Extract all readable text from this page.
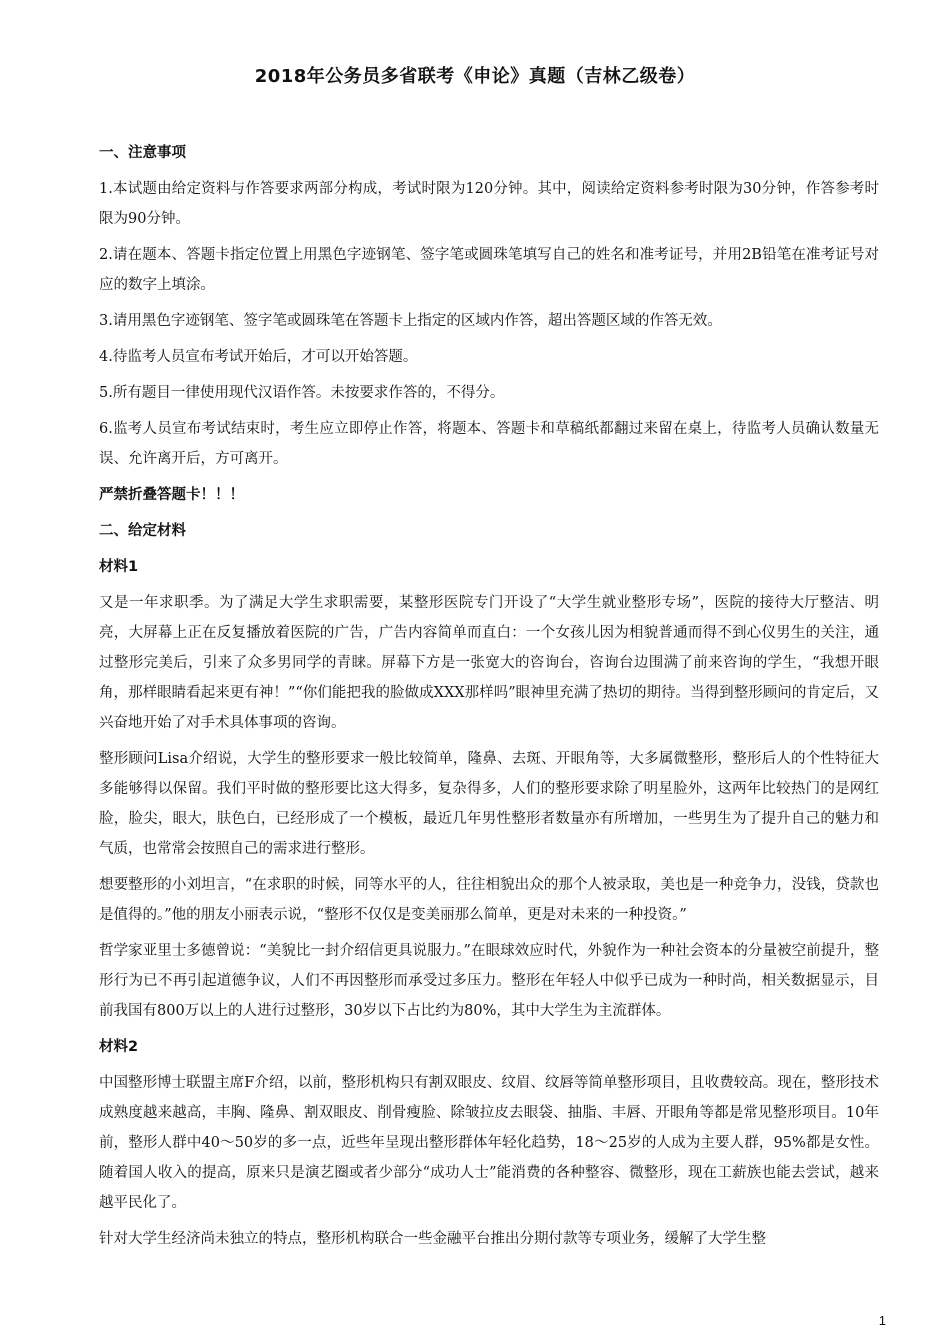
2018年公务员多省联考《申论》真题（吉林乙级卷）
一、注意事项
1.本试题由给定资料与作答要求两部分构成，考试时限为120分钟。其中，阅读给定资料参考时限为30分钟，作答参考时限为90分钟。
2.请在题本、答题卡指定位置上用黑色字迹钢笔、签字笔或圆珠笔填写自己的姓名和准考证号，并用2B铅笔在准考证号对应的数字上填涂。
3.请用黑色字迹钢笔、签字笔或圆珠笔在答题卡上指定的区域内作答，超出答题区域的作答无效。
4.待监考人员宣布考试开始后，才可以开始答题。
5.所有题目一律使用现代汉语作答。未按要求作答的，不得分。
6.监考人员宣布考试结束时，考生应立即停止作答，将题本、答题卡和草稿纸都翻过来留在桌上，待监考人员确认数量无误、允许离开后，方可离开。
严禁折叠答题卡！！！
二、给定材料
材料1
又是一年求职季。为了满足大学生求职需要，某整形医院专门开设了“大学生就业整形专场”，医院的接待大厅整洁、明亮，大屏幕上正在反复播放着医院的广告，广告内容简单而直白：一个女孩儿因为相貌普通而得不到心仪男生的关注，通过整形完美后，引来了众多男同学的青睐。屏幕下方是一张宽大的咨询台，咨询台边围满了前来咨询的学生，“我想开眼角，那样眼睛看起来更有神！”“你们能把我的脸做成XXX那样吗”眼神里充满了热切的期待。当得到整形顾问的肯定后，又兴奋地开始了对手术具体事项的咨询。
整形顾问Lisa介绍说，大学生的整形要求一般比较简单，隆鼻、去斑、开眼角等，大多属微整形，整形后人的个性特征大多能够得以保留。我们平时做的整形要比这大得多，复杂得多，人们的整形要求除了明星脸外，这两年比较热门的是网红脸，脸尖，眼大，肤色白，已经形成了一个模板，最近几年男性整形者数量亦有所增加，一些男生为了提升自己的魅力和气质，也常常会按照自己的需求进行整形。
想要整形的小刘坦言，“在求职的时候，同等水平的人，往往相貌出众的那个人被录取，美也是一种竞争力，没钱，贷款也是值得的。”他的朋友小丽表示说，“整形不仅仅是变美丽那么简单，更是对未来的一种投资。”
哲学家亚里士多德曾说：“美貌比一封介绍信更具说服力。”在眼球效应时代，外貌作为一种社会资本的分量被空前提升，整形行为已不再引起道德争议，人们不再因整形而承受过多压力。整形在年轻人中似乎已成为一种时尚，相关数据显示，目前我国有800万以上的人进行过整形，30岁以下占比约为80%，其中大学生为主流群体。
材料2
中国整形博士联盟主席F介绍，以前，整形机构只有割双眼皮、纹眉、纹唇等简单整形项目，且收费较高。现在，整形技术成熟度越来越高，丰胸、隆鼻、割双眼皮、削骨瘦脸、除皱拉皮去眼袋、抽脂、丰唇、开眼角等都是常见整形项目。10年前，整形人群中40～50岁的多一点，近些年呈现出整形群体年轻化趋势，18～25岁的人成为主要人群，95%都是女性。随着国人收入的提高，原来只是演艺圈或者少部分“成功人士”能消费的各种整容、微整形，现在工薪族也能去尝试，越来越平民化了。
针对大学生经济尚未独立的特点，整形机构联合一些金融平台推出分期付款等专项业务，缓解了大学生整
1
